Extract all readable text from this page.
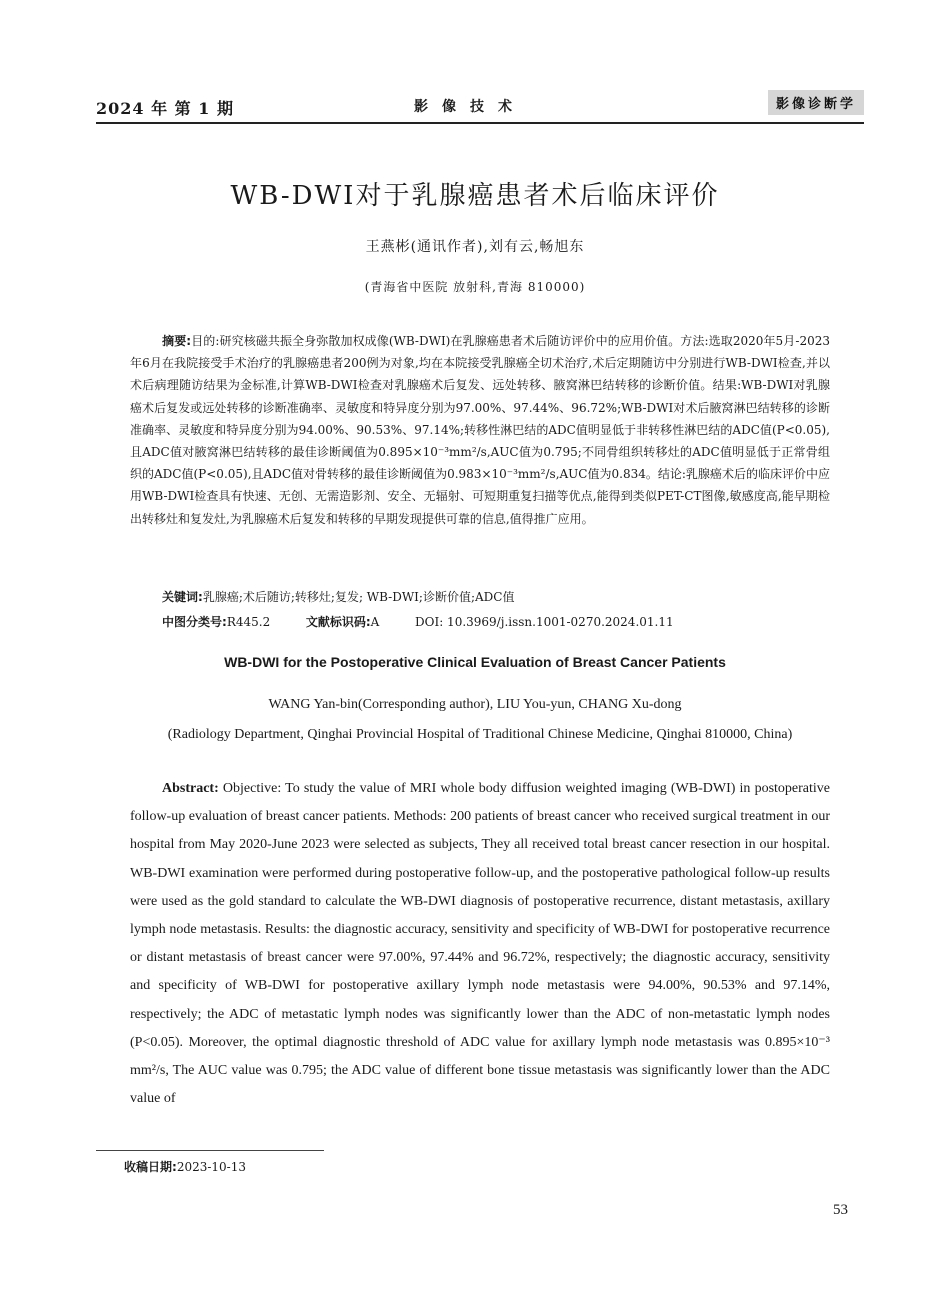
2024 年 第 1 期	影像技术	影像诊断学
WB-DWI对于乳腺癌患者术后临床评价
王燕彬(通讯作者),刘有云,畅旭东
(青海省中医院 放射科,青海 810000)
摘要:目的:研究核磁共振全身弥散加权成像(WB-DWI)在乳腺癌患者术后随访评价中的应用价值。方法:选取2020年5月-2023年6月在我院接受手术治疗的乳腺癌患者200例为对象,均在本院接受乳腺癌全切术治疗,术后定期随访中分别进行WB-DWI检查,并以术后病理随访结果为金标准,计算WB-DWI检查对乳腺癌术后复发、远处转移、腋窝淋巴结转移的诊断价值。结果:WB-DWI对乳腺癌术后复发或远处转移的诊断准确率、灵敏度和特异度分别为97.00%、97.44%、96.72%;WB-DWI对术后腋窝淋巴结转移的诊断准确率、灵敏度和特异度分别为94.00%、90.53%、97.14%;转移性淋巴结的ADC值明显低于非转移性淋巴结的ADC值(P<0.05),且ADC值对腋窝淋巴结转移的最佳诊断阈值为0.895×10⁻³mm²/s,AUC值为0.795;不同骨组织转移灶的ADC值明显低于正常骨组织的ADC值(P<0.05),且ADC值对骨转移的最佳诊断阈值为0.983×10⁻³mm²/s,AUC值为0.834。结论:乳腺癌术后的临床评价中应用WB-DWI检查具有快速、无创、无需造影剂、安全、无辐射、可短期重复扫描等优点,能得到类似PET-CT图像,敏感度高,能早期检出转移灶和复发灶,为乳腺癌术后复发和转移的早期发现提供可靠的信息,值得推广应用。
关键词:乳腺癌;术后随访;转移灶;复发; WB-DWI;诊断价值;ADC值
中图分类号:R445.2	文献标识码:A	DOI: 10.3969/j.issn.1001-0270.2024.01.11
WB-DWI for the Postoperative Clinical Evaluation of Breast Cancer Patients
WANG Yan-bin(Corresponding author), LIU You-yun, CHANG Xu-dong
(Radiology Department, Qinghai Provincial Hospital of Traditional Chinese Medicine, Qinghai 810000, China)
Abstract: Objective: To study the value of MRI whole body diffusion weighted imaging (WB-DWI) in postoperative follow-up evaluation of breast cancer patients. Methods: 200 patients of breast cancer who received surgical treatment in our hospital from May 2020-June 2023 were selected as subjects, They all received total breast cancer resection in our hospital. WB-DWI examination were performed during postoperative follow-up, and the postoperative pathological follow-up results were used as the gold standard to calculate the WB-DWI diagnosis of postoperative recurrence, distant metastasis, axillary lymph node metastasis. Results: the diagnostic accuracy, sensitivity and specificity of WB-DWI for postoperative recurrence or distant metastasis of breast cancer were 97.00%, 97.44% and 96.72%, respectively; the diagnostic accuracy, sensitivity and specificity of WB-DWI for postoperative axillary lymph node metastasis were 94.00%, 90.53% and 97.14%, respectively; the ADC of metastatic lymph nodes was significantly lower than the ADC of non-metastatic lymph nodes (P<0.05). Moreover, the optimal diagnostic threshold of ADC value for axillary lymph node metastasis was 0.895×10⁻³ mm²/s, The AUC value was 0.795; the ADC value of different bone tissue metastasis was significantly lower than the ADC value of
收稿日期:2023-10-13
53
